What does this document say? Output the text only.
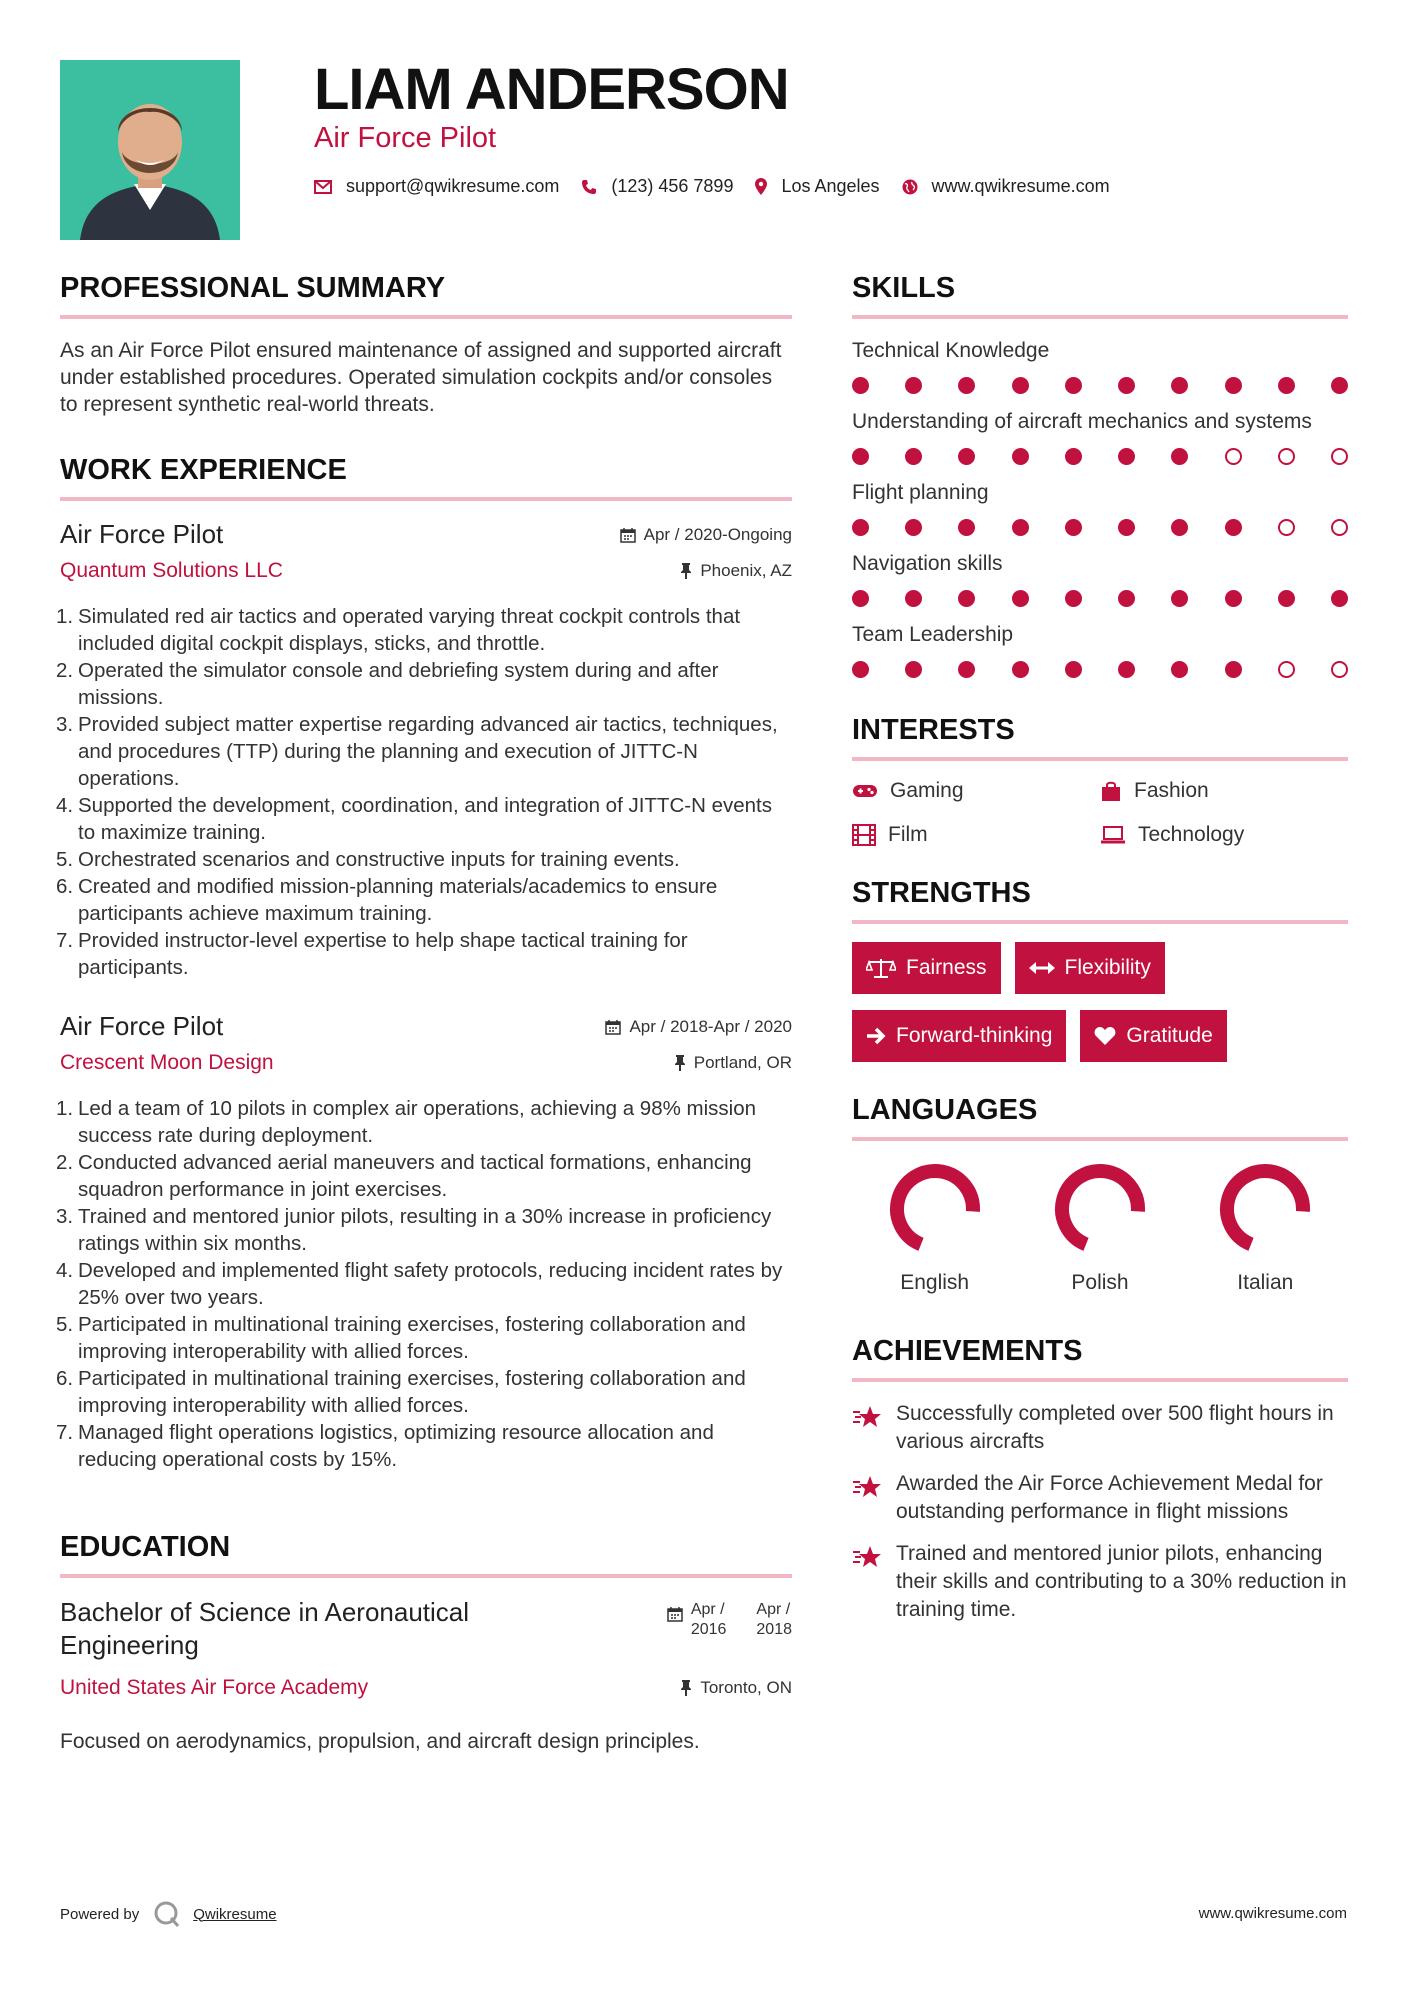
LIAM ANDERSON
Air Force Pilot
support@qwikresume.com	(123) 456 7899	Los Angeles	www.qwikresume.com
PROFESSIONAL SUMMARY

As an Air Force Pilot ensured maintenance of assigned and supported aircraft under established procedures. Operated simulation cockpits and/or consoles to represent synthetic real-world threats.

WORK EXPERIENCE
Air Force Pilot
Quantum Solutions LLC
Apr / 2020-Ongoing
Phoenix, AZ
1. Simulated red air tactics and operated varying threat cockpit controls that included digital cockpit displays, sticks, and throttle.
2. Operated the simulator console and debriefing system during and after missions.
3. Provided subject matter expertise regarding advanced air tactics, techniques, and procedures (TTP) during the planning and execution of JITTC-N operations.
4. Supported the development, coordination, and integration of JITTC-N events to maximize training.
5. Orchestrated scenarios and constructive inputs for training events.
6. Created and modified mission-planning materials/academics to ensure participants achieve maximum training.
7. Provided instructor-level expertise to help shape tactical training for participants.
Air Force Pilot
Crescent Moon Design
Apr / 2018-Apr / 2020
Portland, OR
1. Led a team of 10 pilots in complex air operations, achieving a 98% mission success rate during deployment.
2. Conducted advanced aerial maneuvers and tactical formations, enhancing squadron performance in joint exercises.
3. Trained and mentored junior pilots, resulting in a 30% increase in proficiency ratings within six months.
4. Developed and implemented flight safety protocols, reducing incident rates by 25% over two years.
5. Participated in multinational training exercises, fostering collaboration and improving interoperability with allied forces.
6. Participated in multinational training exercises, fostering collaboration and improving interoperability with allied forces.
7. Managed flight operations logistics, optimizing resource allocation and reducing operational costs by 15%.
EDUCATION
Bachelor of Science in Aeronautical Engineering
Apr /
2016
Apr /
2018
United States Air Force Academy	Toronto, ON
Focused on aerodynamics, propulsion, and aircraft design principles.
SKILLS
Technical Knowledge
Understanding of aircraft mechanics and systems
Flight planning
Navigation skills
Team Leadership
INTERESTS
Gaming	Fashion
Film	Technology
STRENGTHS
Fairness	Flexibility
Forward-thinking	Gratitude
LANGUAGES
English	Polish	Italian
ACHIEVEMENTS
Successfully completed over 500 flight hours in various aircrafts
Awarded the Air Force Achievement Medal for outstanding performance in flight missions
Trained and mentored junior pilots, enhancing their skills and contributing to a 30% reduction in training time.
Powered by	Qwikresume	www.qwikresume.com
